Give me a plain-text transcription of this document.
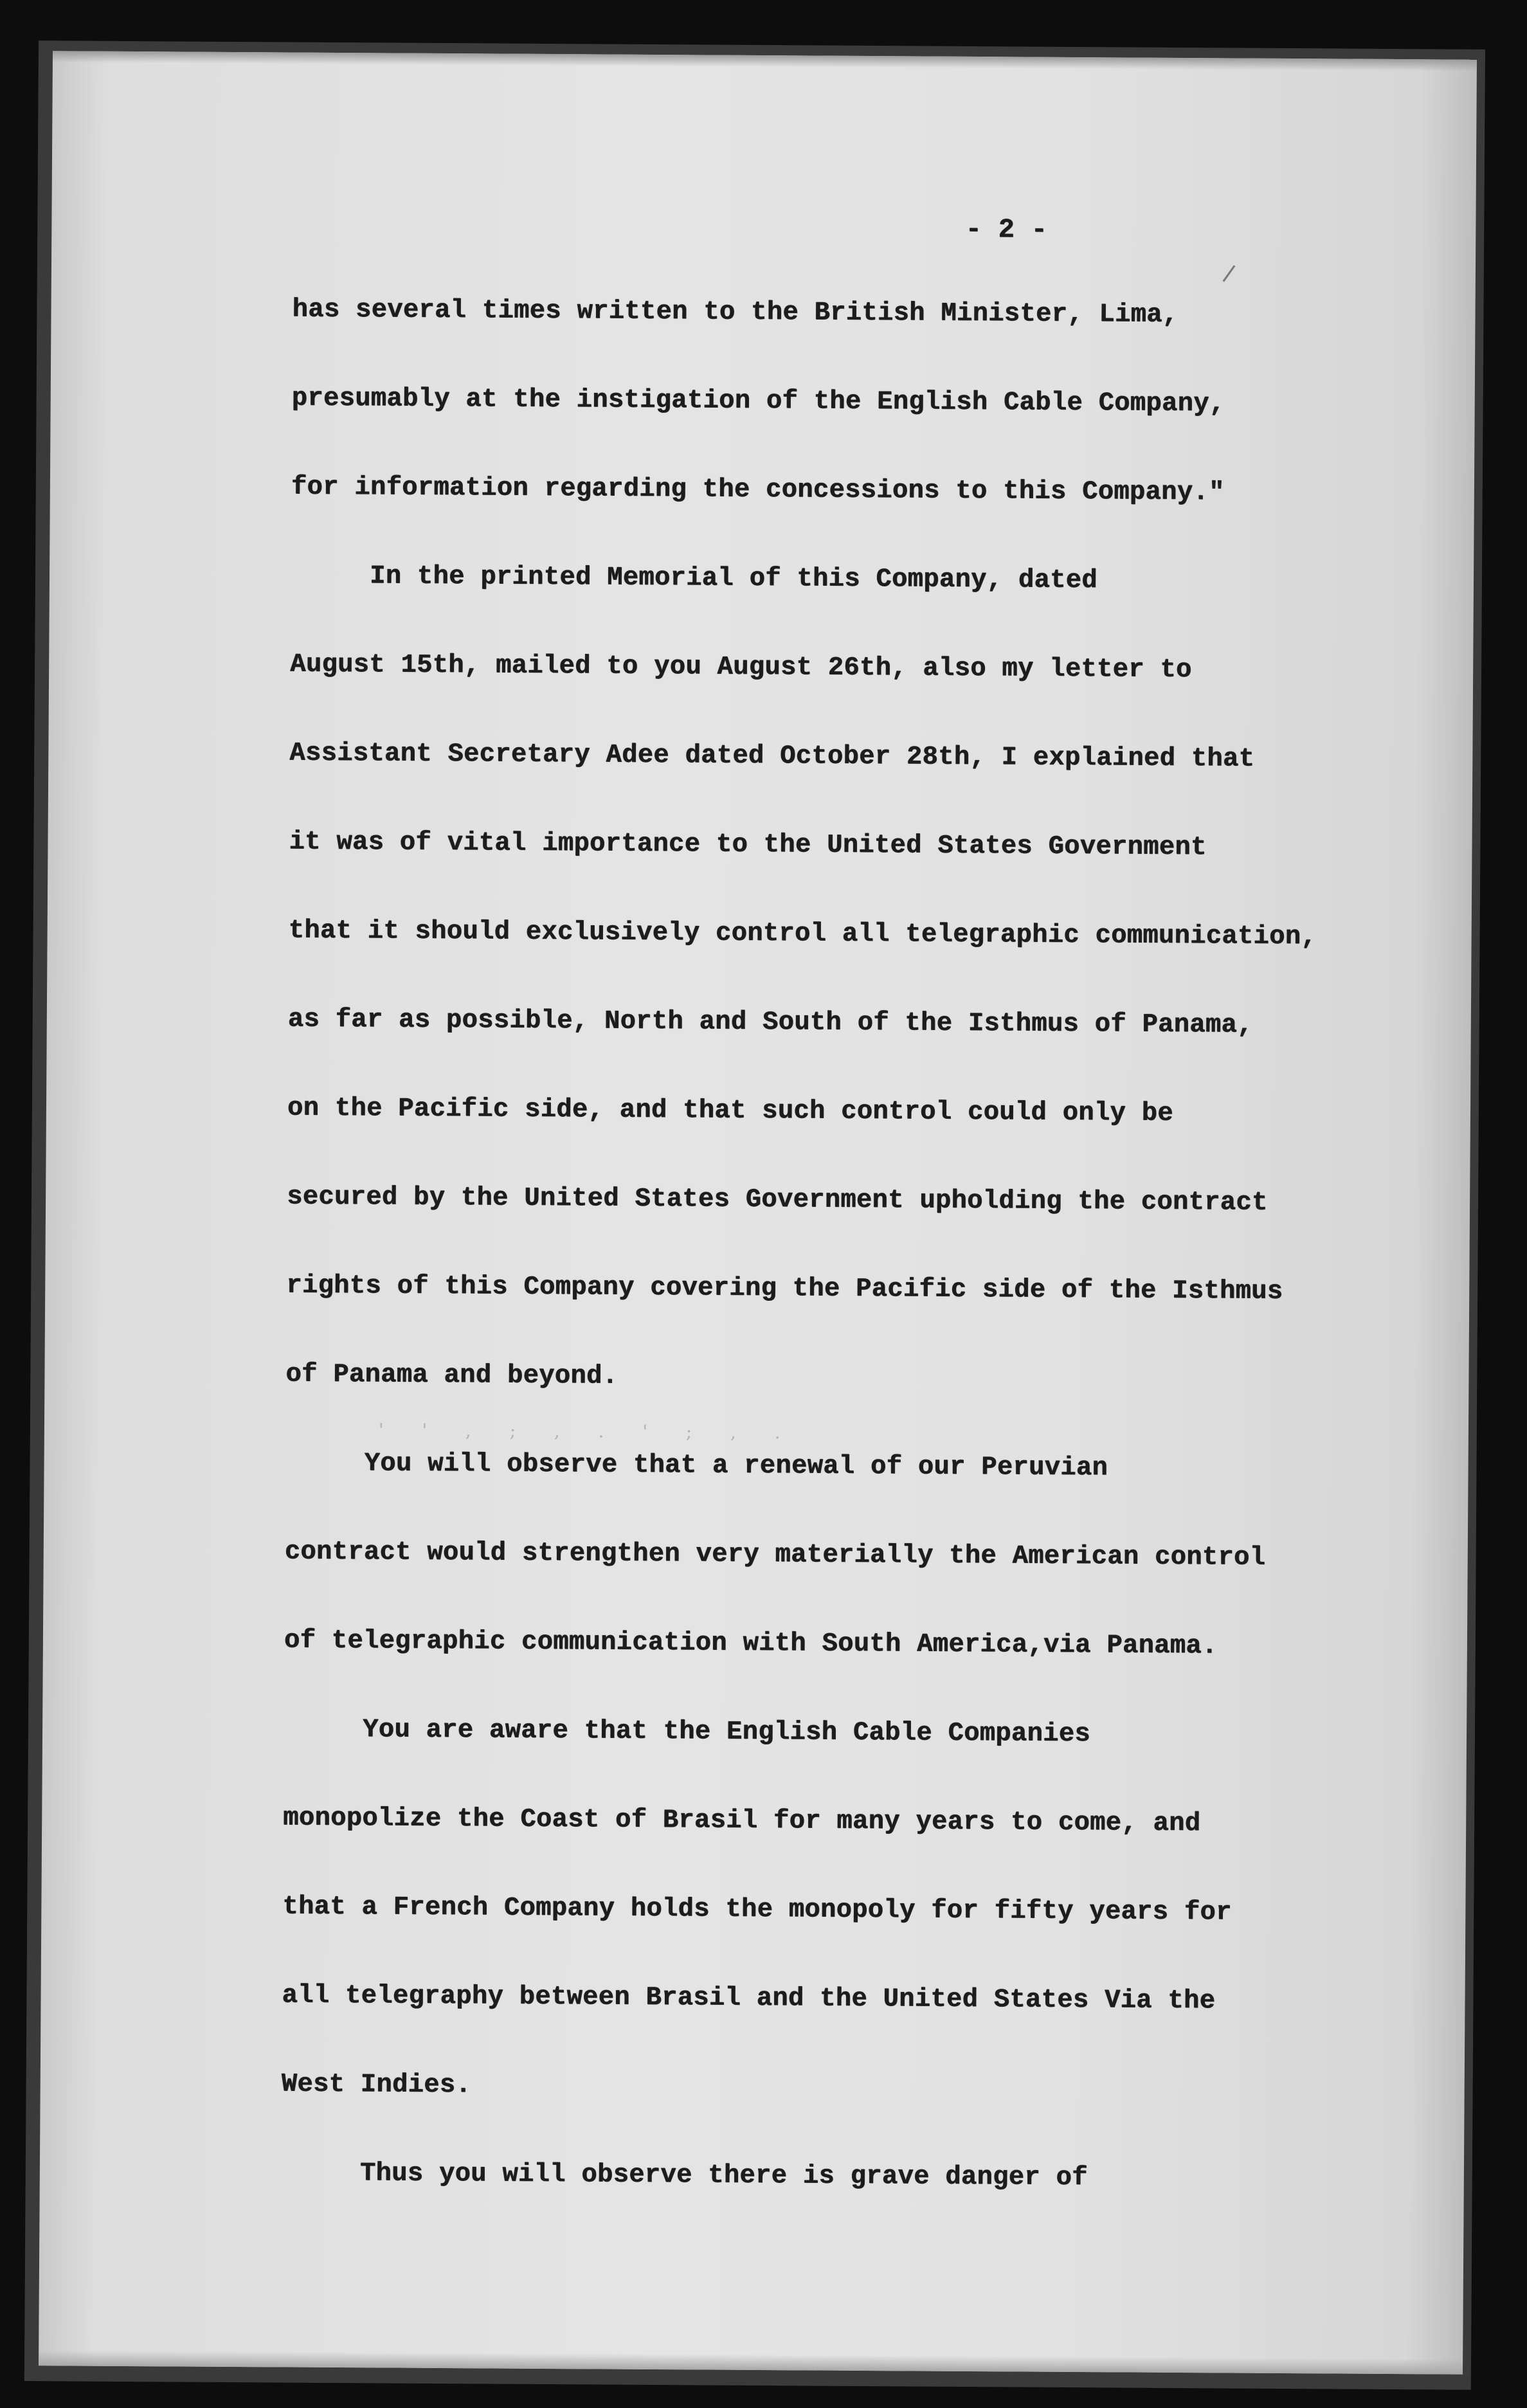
'  '  ,  ;  ,  .  '  ;  ,  .
- 2 -
has several times written to the British Minister, Lima,
presumably at the instigation of the English Cable Company,
for information regarding the concessions to this Company."
In the printed Memorial of this Company, dated
August 15th, mailed to you August 26th, also my letter to
Assistant Secretary Adee dated October 28th, I explained that
it was of vital importance to the United States Government
that it should exclusively control all telegraphic communication,
as far as possible, North and South of the Isthmus of Panama,
on the Pacific side, and that such control could only be
secured by the United States Government upholding the contract
rights of this Company covering the Pacific side of the Isthmus
of Panama and beyond.
You will observe that a renewal of our Peruvian
contract would strengthen very materially the American control
of telegraphic communication with South America,via Panama.
You are aware that the English Cable Companies
monopolize the Coast of Brasil for many years to come, and
that a French Company holds the monopoly for fifty years for
all telegraphy between Brasil and the United States Via the
West Indies.
Thus you will observe there is grave danger of
